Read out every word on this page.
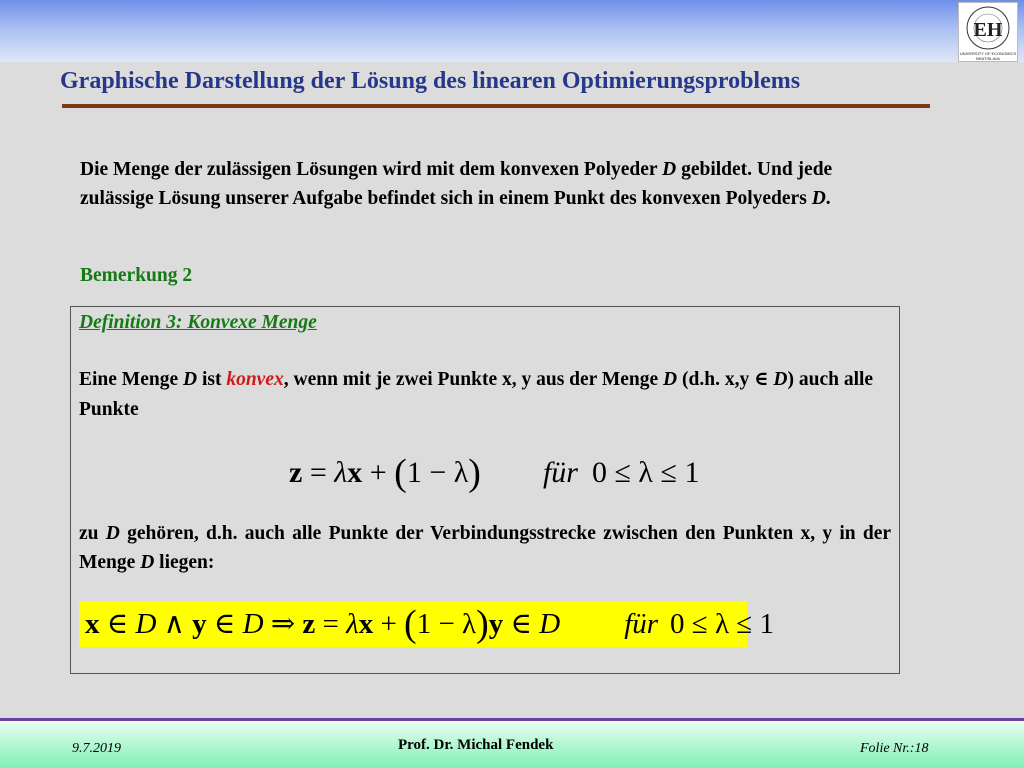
EH
UNIVERSITY OF ECONOMICS
BRATISLAVA
Graphische Darstellung der Lösung des linearen Optimierungsproblems
Die Menge der zulässigen Lösungen wird mit dem konvexen Polyeder D gebildet. Und jede zulässige Lösung unserer Aufgabe befindet sich in einem Punkt des konvexen Polyeders D.
Bemerkung 2
Definition 3: Konvexe Menge
Eine Menge D ist konvex, wenn mit je zwei Punkte x, y aus der Menge D (d.h. x,y ∈ D) auch alle Punkte
z = λx + (1 − λ) für 0 ≤ λ ≤ 1
zu D gehören, d.h. auch alle Punkte der Verbindungsstrecke zwischen den Punkten x, y in der Menge D liegen:
x ∈ D ∧ y ∈ D ⇒ z = λx + (1 − λ)y ∈ D für 0 ≤ λ ≤ 1
9.7.2019	Prof. Dr. Michal Fendek	Folie Nr.:18
